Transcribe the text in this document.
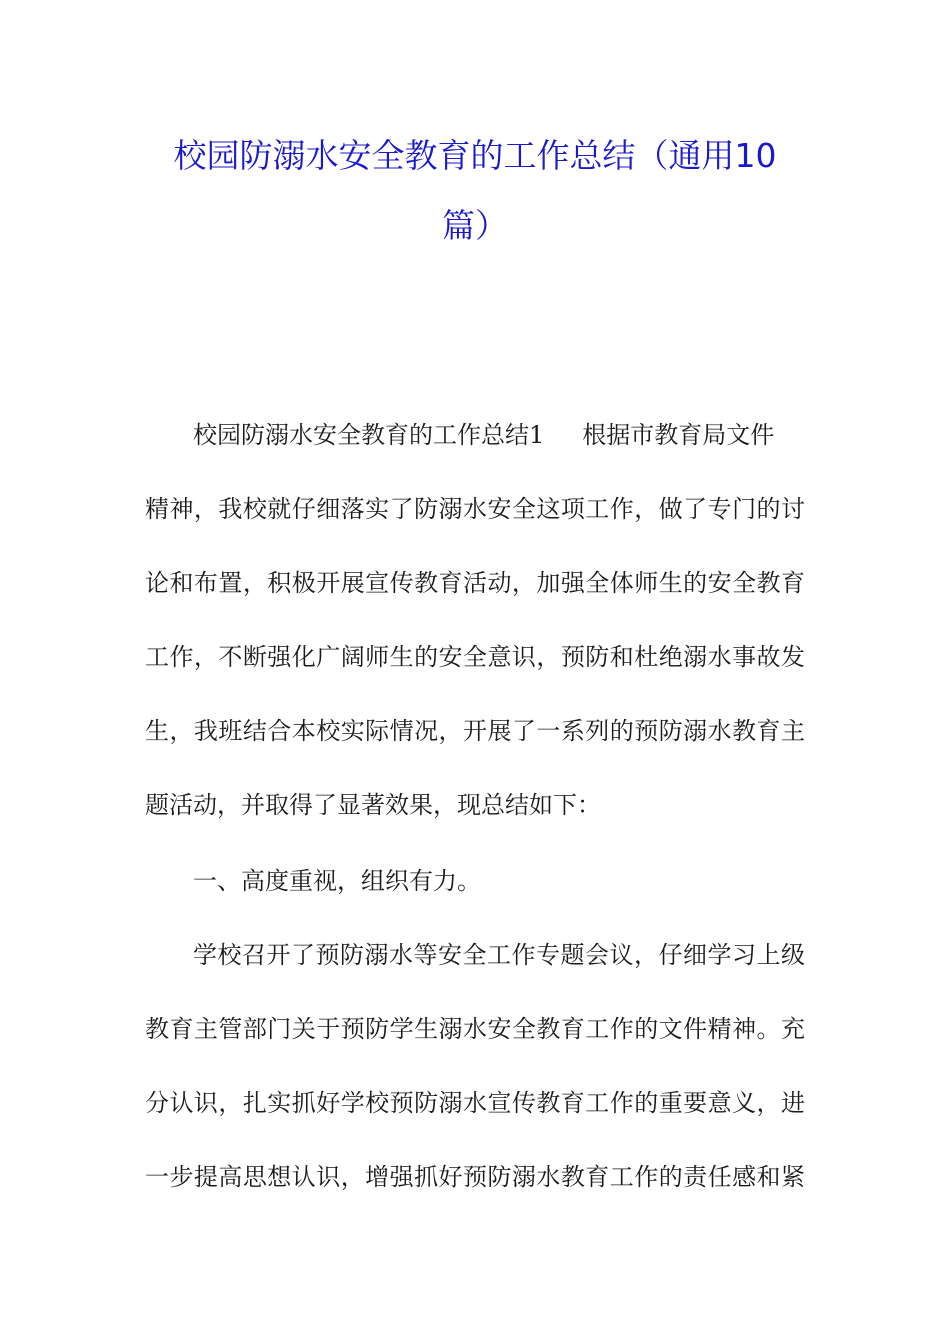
校园防溺水安全教育的工作总结（通用10
篇）
校园防溺水安全教育的工作总结1 根据市教育局文件
精神，我校就仔细落实了防溺水安全这项工作，做了专门的讨
论和布置，积极开展宣传教育活动，加强全体师生的安全教育
工作，不断强化广阔师生的安全意识，预防和杜绝溺水事故发
生，我班结合本校实际情况，开展了一系列的预防溺水教育主
题活动，并取得了显著效果，现总结如下：
一、高度重视，组织有力。
学校召开了预防溺水等安全工作专题会议，仔细学习上级
教育主管部门关于预防学生溺水安全教育工作的文件精神。充
分认识，扎实抓好学校预防溺水宣传教育工作的重要意义，进
一步提高思想认识，增强抓好预防溺水教育工作的责任感和紧
